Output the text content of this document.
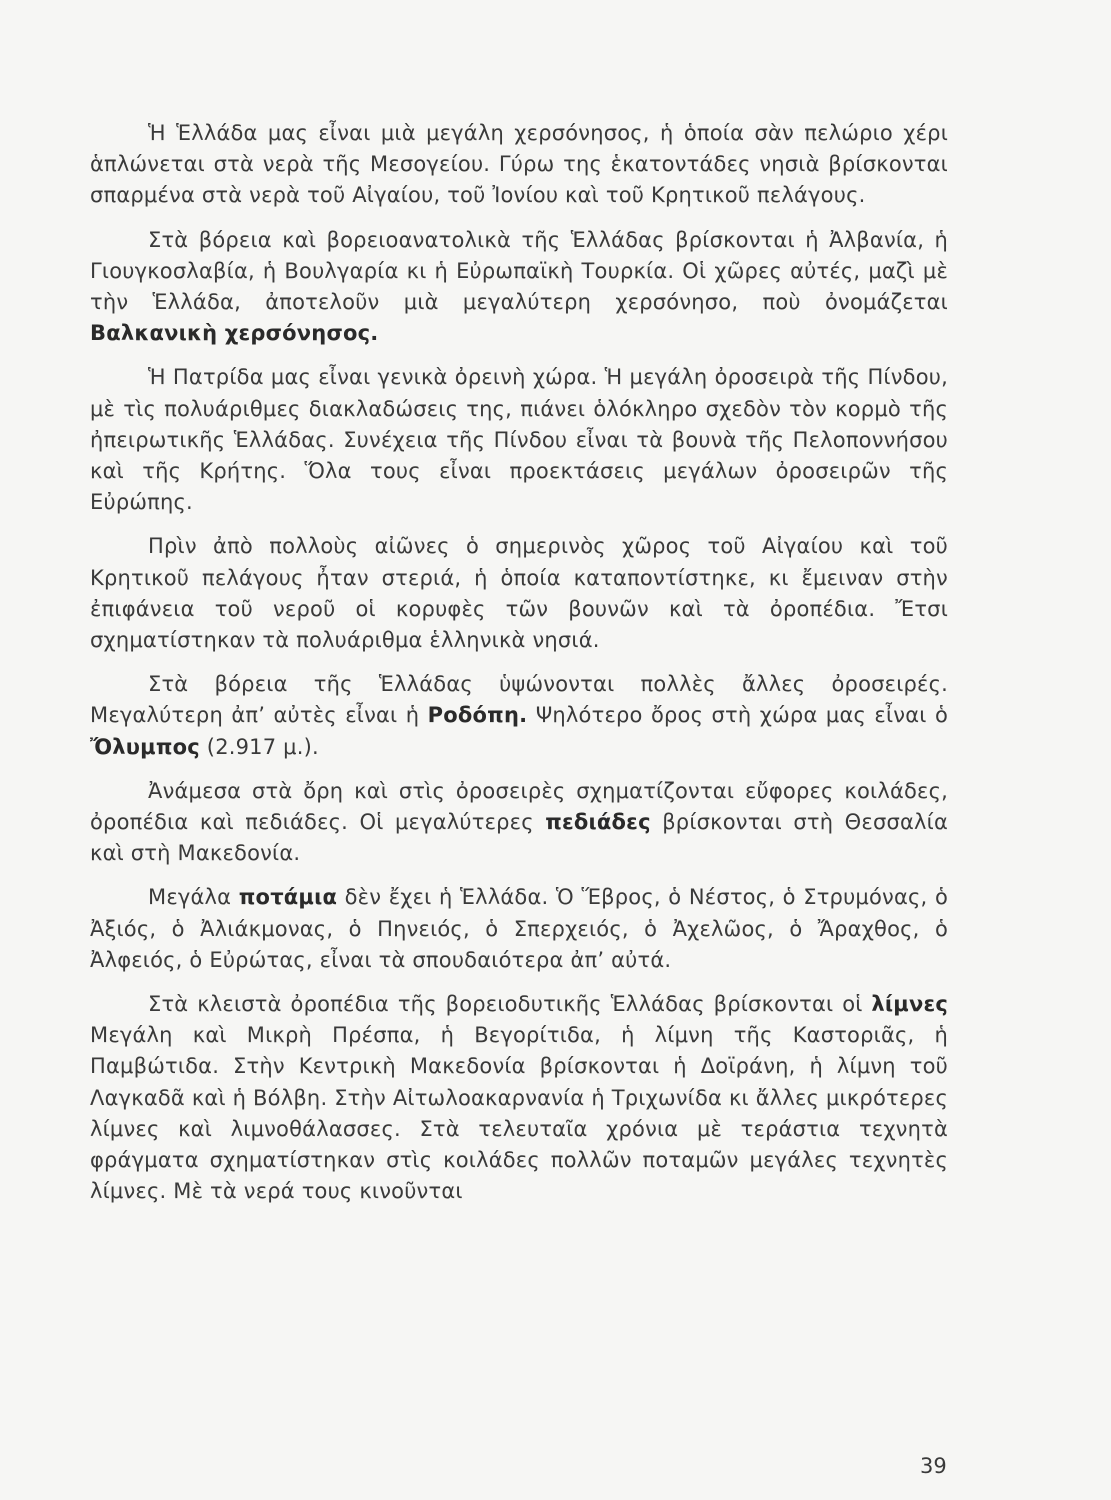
Ἡ Ἑλλάδα μας εἶναι μιὰ μεγάλη χερσόνησος, ἡ ὁποία σὰν πελώριο χέρι ἁπλώνεται στὰ νερὰ τῆς Μεσογείου. Γύρω της ἑκατοντάδες νησιὰ βρίσκονται σπαρμένα στὰ νερὰ τοῦ Αἰγαίου, τοῦ Ἰονίου καὶ τοῦ Κρητικοῦ πελάγους.

Στὰ βόρεια καὶ βορειοανατολικὰ τῆς Ἑλλάδας βρίσκονται ἡ Ἀλβανία, ἡ Γιουγκοσλαβία, ἡ Βουλγαρία κι ἡ Εὐρωπαϊκὴ Τουρκία. Οἱ χῶρες αὐτές, μαζὶ μὲ τὴν Ἑλλάδα, ἀποτελοῦν μιὰ μεγαλύτερη χερσόνησο, ποὺ ὀνομάζεται Βαλκανικὴ χερσόνησος.

Ἡ Πατρίδα μας εἶναι γενικὰ ὀρεινὴ χώρα. Ἡ μεγάλη ὀροσειρὰ τῆς Πίνδου, μὲ τὶς πολυάριθμες διακλαδώσεις της, πιάνει ὁλόκληρο σχεδὸν τὸν κορμὸ τῆς ἠπειρωτικῆς Ἑλλάδας. Συνέχεια τῆς Πίνδου εἶναι τὰ βουνὰ τῆς Πελοποννήσου καὶ τῆς Κρήτης. Ὅλα τους εἶναι προεκτάσεις μεγάλων ὀροσειρῶν τῆς Εὐρώπης.

Πρὶν ἀπὸ πολλοὺς αἰῶνες ὁ σημερινὸς χῶρος τοῦ Αἰγαίου καὶ τοῦ Κρητικοῦ πελάγους ἦταν στεριά, ἡ ὁποία καταποντίστηκε, κι ἔμειναν στὴν ἐπιφάνεια τοῦ νεροῦ οἱ κορυφὲς τῶν βουνῶν καὶ τὰ ὀροπέδια. Ἔτσι σχηματίστηκαν τὰ πολυάριθμα ἑλληνικὰ νησιά.

Στὰ βόρεια τῆς Ἑλλάδας ὑψώνονται πολλὲς ἄλλες ὀροσειρές. Μεγαλύτερη ἀπ’ αὐτὲς εἶναι ἡ Ροδόπη. Ψηλότερο ὄρος στὴ χώρα μας εἶναι ὁ Ὄλυμπος (2.917 μ.).

Ἀνάμεσα στὰ ὄρη καὶ στὶς ὀροσειρὲς σχηματίζονται εὔφορες κοιλάδες, ὀροπέδια καὶ πεδιάδες. Οἱ μεγαλύτερες πεδιάδες βρίσκονται στὴ Θεσσαλία καὶ στὴ Μακεδονία.

Μεγάλα ποτάμια δὲν ἔχει ἡ Ἑλλάδα. Ὁ Ἕβρος, ὁ Νέστος, ὁ Στρυμόνας, ὁ Ἀξιός, ὁ Ἀλιάκμονας, ὁ Πηνειός, ὁ Σπερχειός, ὁ Ἀχελῶος, ὁ Ἄραχθος, ὁ Ἀλφειός, ὁ Εὐρώτας, εἶναι τὰ σπουδαιότερα ἀπ’ αὐτά.

Στὰ κλειστὰ ὀροπέδια τῆς βορειοδυτικῆς Ἑλλάδας βρίσκονται οἱ λίμνες Μεγάλη καὶ Μικρὴ Πρέσπα, ἡ Βεγορίτιδα, ἡ λίμνη τῆς Καστοριᾶς, ἡ Παμβώτιδα. Στὴν Κεντρικὴ Μακεδονία βρίσκονται ἡ Δοϊράνη, ἡ λίμνη τοῦ Λαγκαδᾶ καὶ ἡ Βόλβη. Στὴν Αἰτωλοακαρνανία ἡ Τριχωνίδα κι ἄλλες μικρότερες λίμνες καὶ λιμνοθάλασσες. Στὰ τελευταῖα χρόνια μὲ τεράστια τεχνητὰ φράγματα σχηματίστηκαν στὶς κοιλάδες πολλῶν ποταμῶν μεγάλες τεχνητὲς λίμνες. Μὲ τὰ νερά τους κινοῦνται

39
